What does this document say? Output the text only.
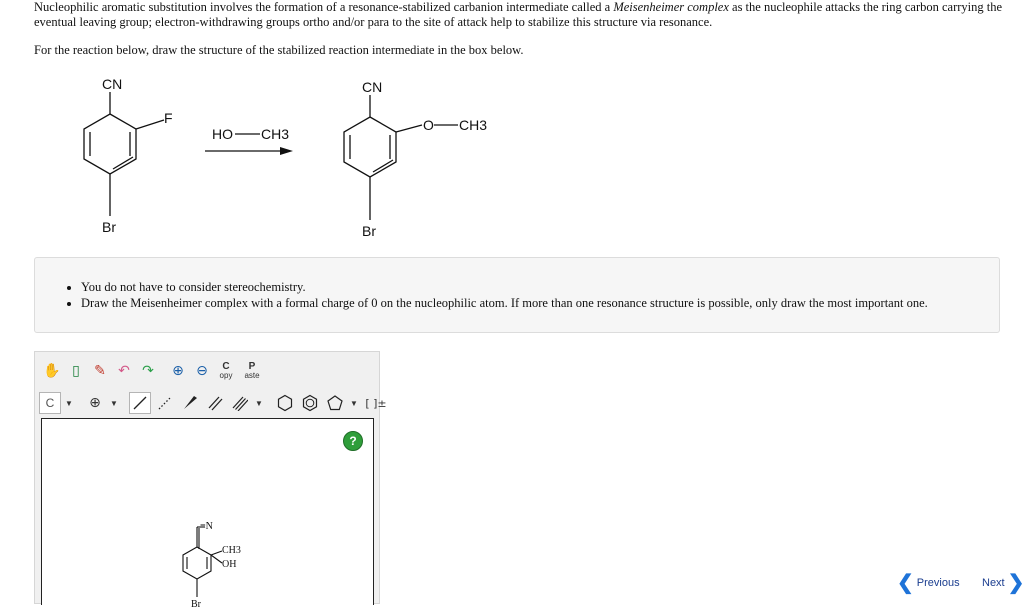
Nucleophilic aromatic substitution involves the formation of a resonance-stabilized carbanion intermediate called a Meisenheimer complex as the nucleophile attacks the ring carbon carrying the eventual leaving group; electron-withdrawing groups ortho and/or para to the site of attack help to stabilize this structure via resonance.

For the reaction below, draw the structure of the stabilized reaction intermediate in the box below.

CN
F
Br
HO CH3
CN
O CH3
Br
• You do not have to consider stereochemistry.
• Draw the Meisenheimer complex with a formal charge of 0 on the nucleophilic atom. If more than one resonance structure is possible, only draw the most important one.
✋ ▯	✎ ↶ ↷	⊕ ⊖	C
opy
P
aste
C	▼	⊕	▼	▼	▼ [ ]±
?
≡N
CH3
OH
Br
❮ Previous Next ❯
